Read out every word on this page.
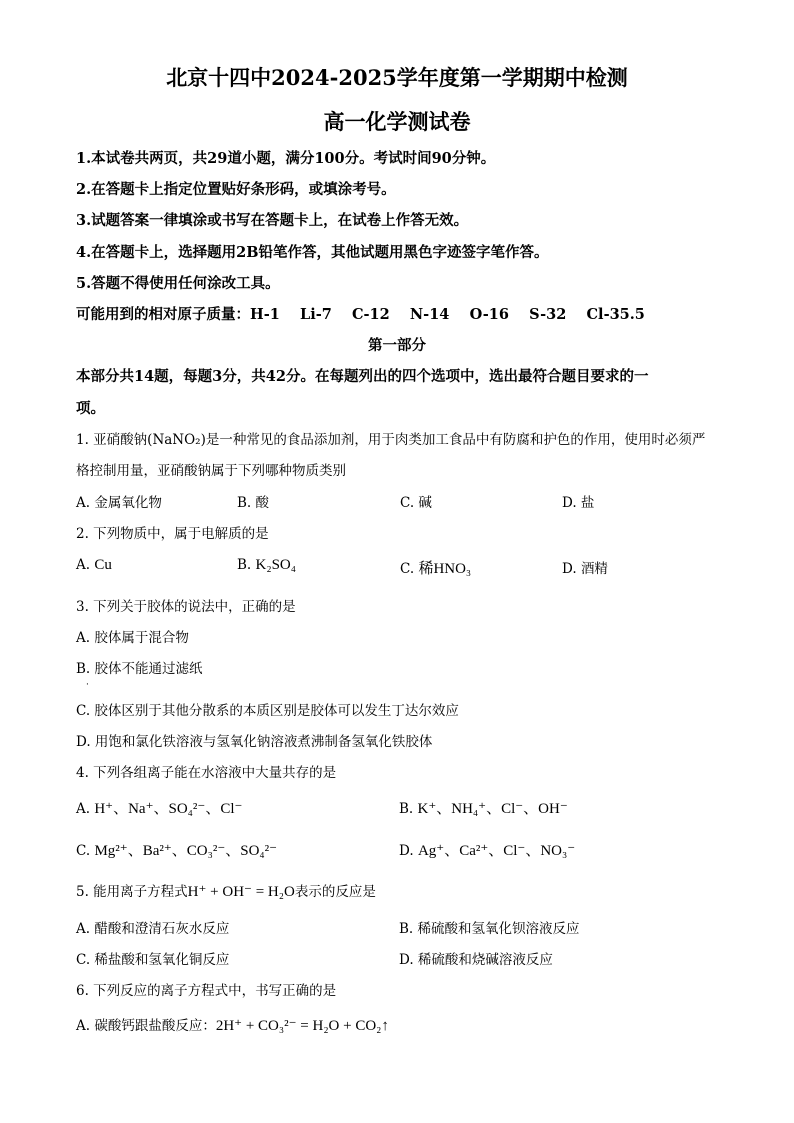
北京十四中2024-2025学年度第一学期期中检测
高一化学测试卷
1.本试卷共两页，共29道小题，满分100分。考试时间90分钟。
2.在答题卡上指定位置贴好条形码，或填涂考号。
3.试题答案一律填涂或书写在答题卡上，在试卷上作答无效。
4.在答题卡上，选择题用2B铅笔作答，其他试题用黑色字迹签字笔作答。
5.答题不得使用任何涂改工具。
可能用到的相对原子质量：H-1    Li-7    C-12    N-14    O-16    S-32    Cl-35.5
第一部分
本部分共14题，每题3分，共42分。在每题列出的四个选项中，选出最符合题目要求的一
项。
1. 亚硝酸钠(NaNO₂)是一种常见的食品添加剂，用于肉类加工食品中有防腐和护色的作用，使用时必须严
格控制用量，亚硝酸钠属于下列哪种物质类别
A. 金属氧化物	B. 酸	C. 碱	D. 盐
2. 下列物质中，属于电解质的是
A. Cu	B. K₂SO₄	C. 稀HNO₃	D. 酒精
3. 下列关于胶体的说法中，正确的是
A. 胶体属于混合物
B. 胶体不能通过滤纸
·
C. 胶体区别于其他分散系的本质区别是胶体可以发生丁达尔效应
D. 用饱和氯化铁溶液与氢氧化钠溶液煮沸制备氢氧化铁胶体
4. 下列各组离子能在水溶液中大量共存的是
A. H⁺、Na⁺、SO₄²⁻、Cl⁻	B. K⁺、NH₄⁺、Cl⁻、OH⁻
C. Mg²⁺、Ba²⁺、CO₃²⁻、SO₄²⁻	D. Ag⁺、Ca²⁺、Cl⁻、NO₃⁻
5. 能用离子方程式H⁺ + OH⁻ = H₂O表示的反应是
A. 醋酸和澄清石灰水反应	B. 稀硫酸和氢氧化钡溶液反应
C. 稀盐酸和氢氧化铜反应	D. 稀硫酸和烧碱溶液反应
6. 下列反应的离子方程式中，书写正确的是
A. 碳酸钙跟盐酸反应：2H⁺ + CO₃²⁻ = H₂O + CO₂↑
